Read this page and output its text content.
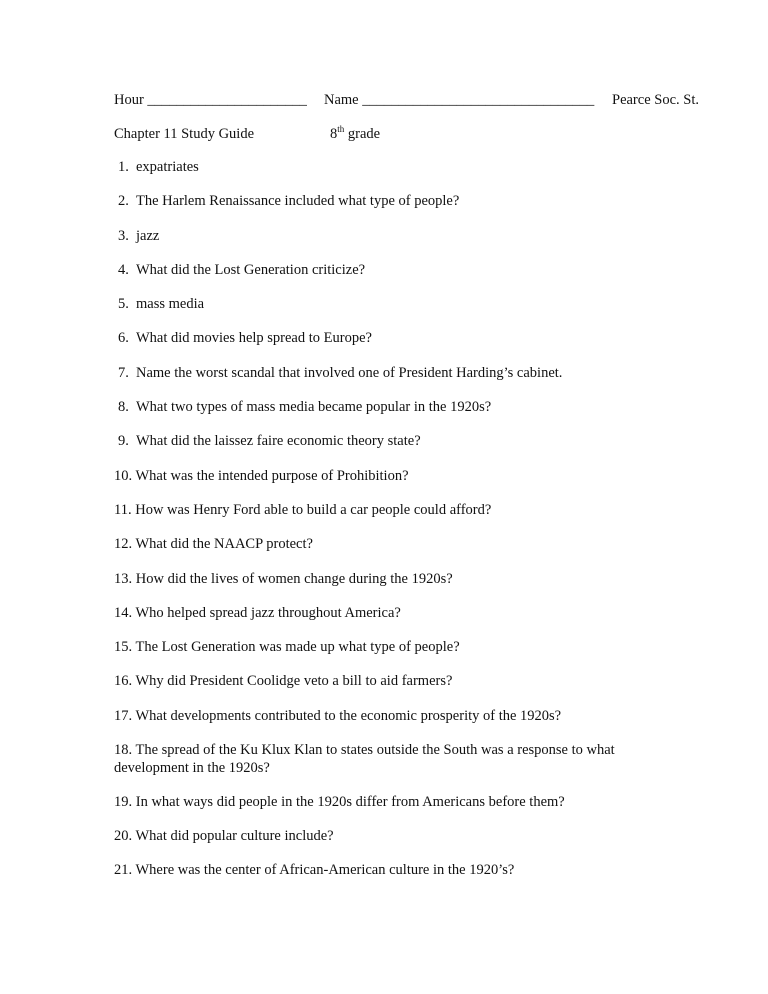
Hour ______________________ Name ________________________________ Pearce Soc. St.
Chapter 11 Study Guide	8th grade
1. expatriates
2. The Harlem Renaissance included what type of people?
3. jazz
4. What did the Lost Generation criticize?
5. mass media
6. What did movies help spread to Europe?
7. Name the worst scandal that involved one of President Harding’s cabinet.
8. What two types of mass media became popular in the 1920s?
9. What did the laissez faire economic theory state?
10. What was the intended purpose of Prohibition?
11. How was Henry Ford able to build a car people could afford?
12. What did the NAACP protect?
13. How did the lives of women change during the 1920s?
14. Who helped spread jazz throughout America?
15. The Lost Generation was made up what type of people?
16. Why did President Coolidge veto a bill to aid farmers?
17. What developments contributed to the economic prosperity of the 1920s?
18. The spread of the Ku Klux Klan to states outside the South was a response to what development in the 1920s?
19. In what ways did people in the 1920s differ from Americans before them?
20. What did popular culture include?
21. Where was the center of African-American culture in the 1920’s?
